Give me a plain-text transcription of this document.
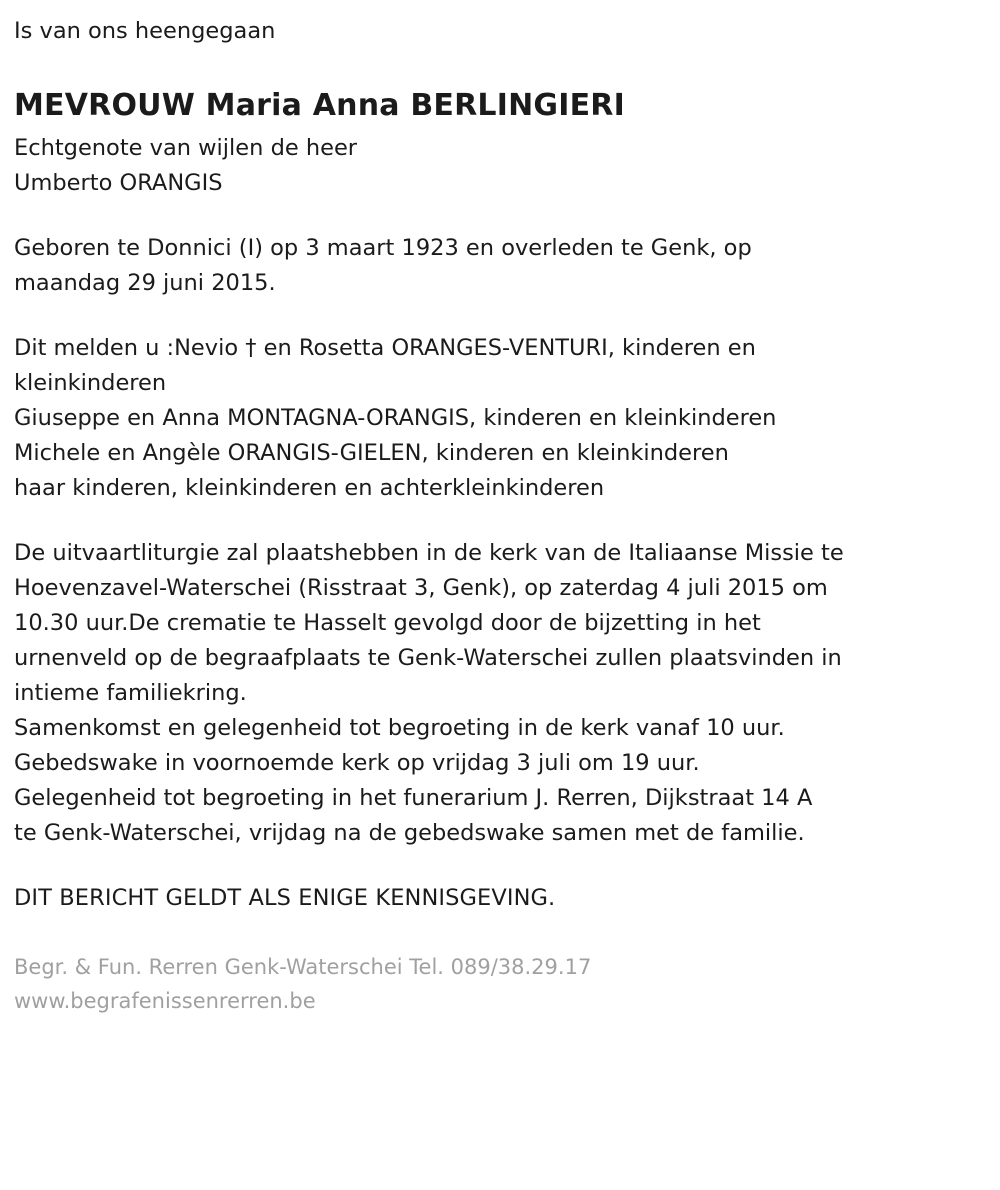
Is van ons heengegaan
MEVROUW Maria Anna BERLINGIERI
Echtgenote van wijlen de heer
Umberto ORANGIS
Geboren te Donnici (I) op 3 maart 1923 en overleden te Genk, op
maandag 29 juni 2015.
Dit melden u :Nevio † en Rosetta ORANGES-VENTURI, kinderen en
kleinkinderen
Giuseppe en Anna MONTAGNA-ORANGIS, kinderen en kleinkinderen
Michele en Angèle ORANGIS-GIELEN, kinderen en kleinkinderen
haar kinderen, kleinkinderen en achterkleinkinderen
De uitvaartliturgie zal plaatshebben in de kerk van de Italiaanse Missie te
Hoevenzavel-Waterschei (Risstraat 3, Genk), op zaterdag 4 juli 2015 om
10.30 uur.De crematie te Hasselt gevolgd door de bijzetting in het
urnenveld op de begraafplaats te Genk-Waterschei zullen plaatsvinden in
intieme familiekring.
Samenkomst en gelegenheid tot begroeting in de kerk vanaf 10 uur.
Gebedswake in voornoemde kerk op vrijdag 3 juli om 19 uur.
Gelegenheid tot begroeting in het funerarium J. Rerren, Dijkstraat 14 A
te Genk-Waterschei, vrijdag na de gebedswake samen met de familie.
DIT BERICHT GELDT ALS ENIGE KENNISGEVING.
Begr. & Fun. Rerren Genk-Waterschei Tel. 089/38.29.17
www.begrafenissenrerren.be
